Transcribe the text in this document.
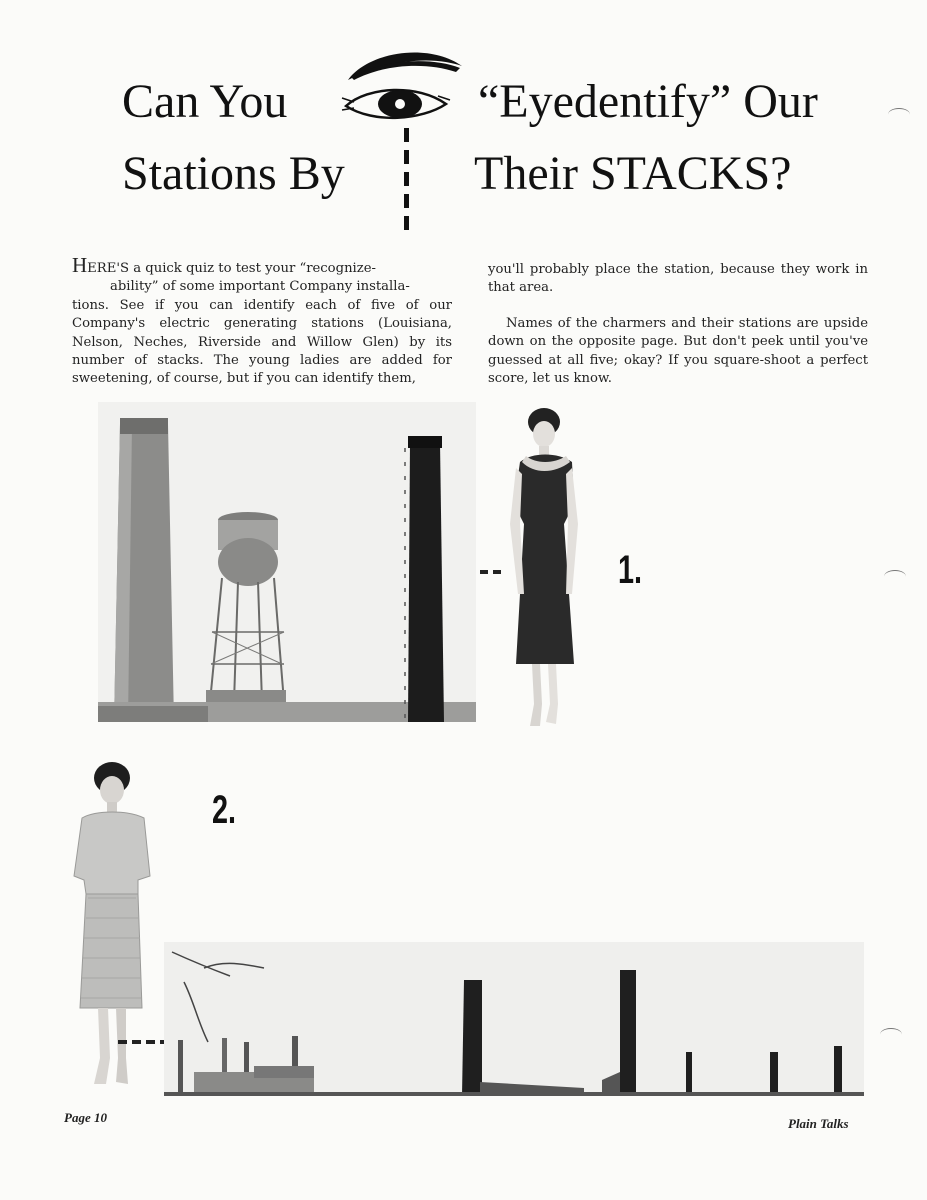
Can You
Stations By
“Eyedentify” Our
Their STACKS?

HERE'S a quick quiz to test your “recognize-

ability” of some important Company installa-

tions. See if you can identify each of five of our Company's electric generating stations (Louisiana, Nelson, Neches, Riverside and Willow Glen) by its number of stacks. The young ladies are added for sweetening, of course, but if you can identify them,

you'll probably place the station, because they work in that area.

Names of the charmers and their stations are upside down on the opposite page. But don't peek until you've guessed at all five; okay? If you square-shoot a perfect score, let us know.

1.
2.
Page 10	Plain Talks
